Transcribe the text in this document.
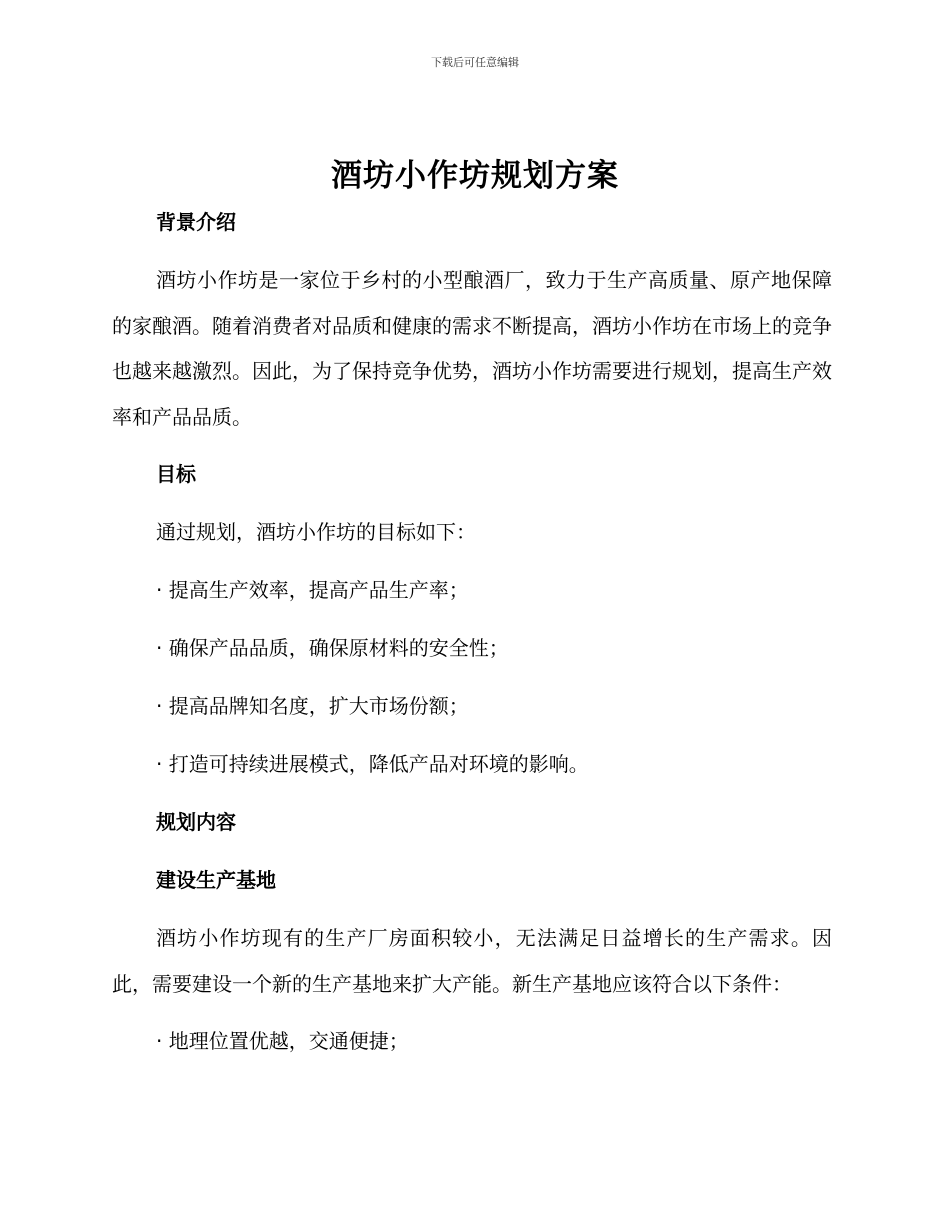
下载后可任意编辑
酒坊小作坊规划方案
背景介绍
酒坊小作坊是一家位于乡村的小型酿酒厂，致力于生产高质量、原产地保障的家酿酒。随着消费者对品质和健康的需求不断提高，酒坊小作坊在市场上的竞争也越来越激烈。因此，为了保持竞争优势，酒坊小作坊需要进行规划，提高生产效率和产品品质。
目标
通过规划，酒坊小作坊的目标如下：
· 提高生产效率，提高产品生产率；
· 确保产品品质，确保原材料的安全性；
· 提高品牌知名度，扩大市场份额；
· 打造可持续进展模式，降低产品对环境的影响。
规划内容
建设生产基地
酒坊小作坊现有的生产厂房面积较小，无法满足日益增长的生产需求。因此，需要建设一个新的生产基地来扩大产能。新生产基地应该符合以下条件：
· 地理位置优越，交通便捷；
